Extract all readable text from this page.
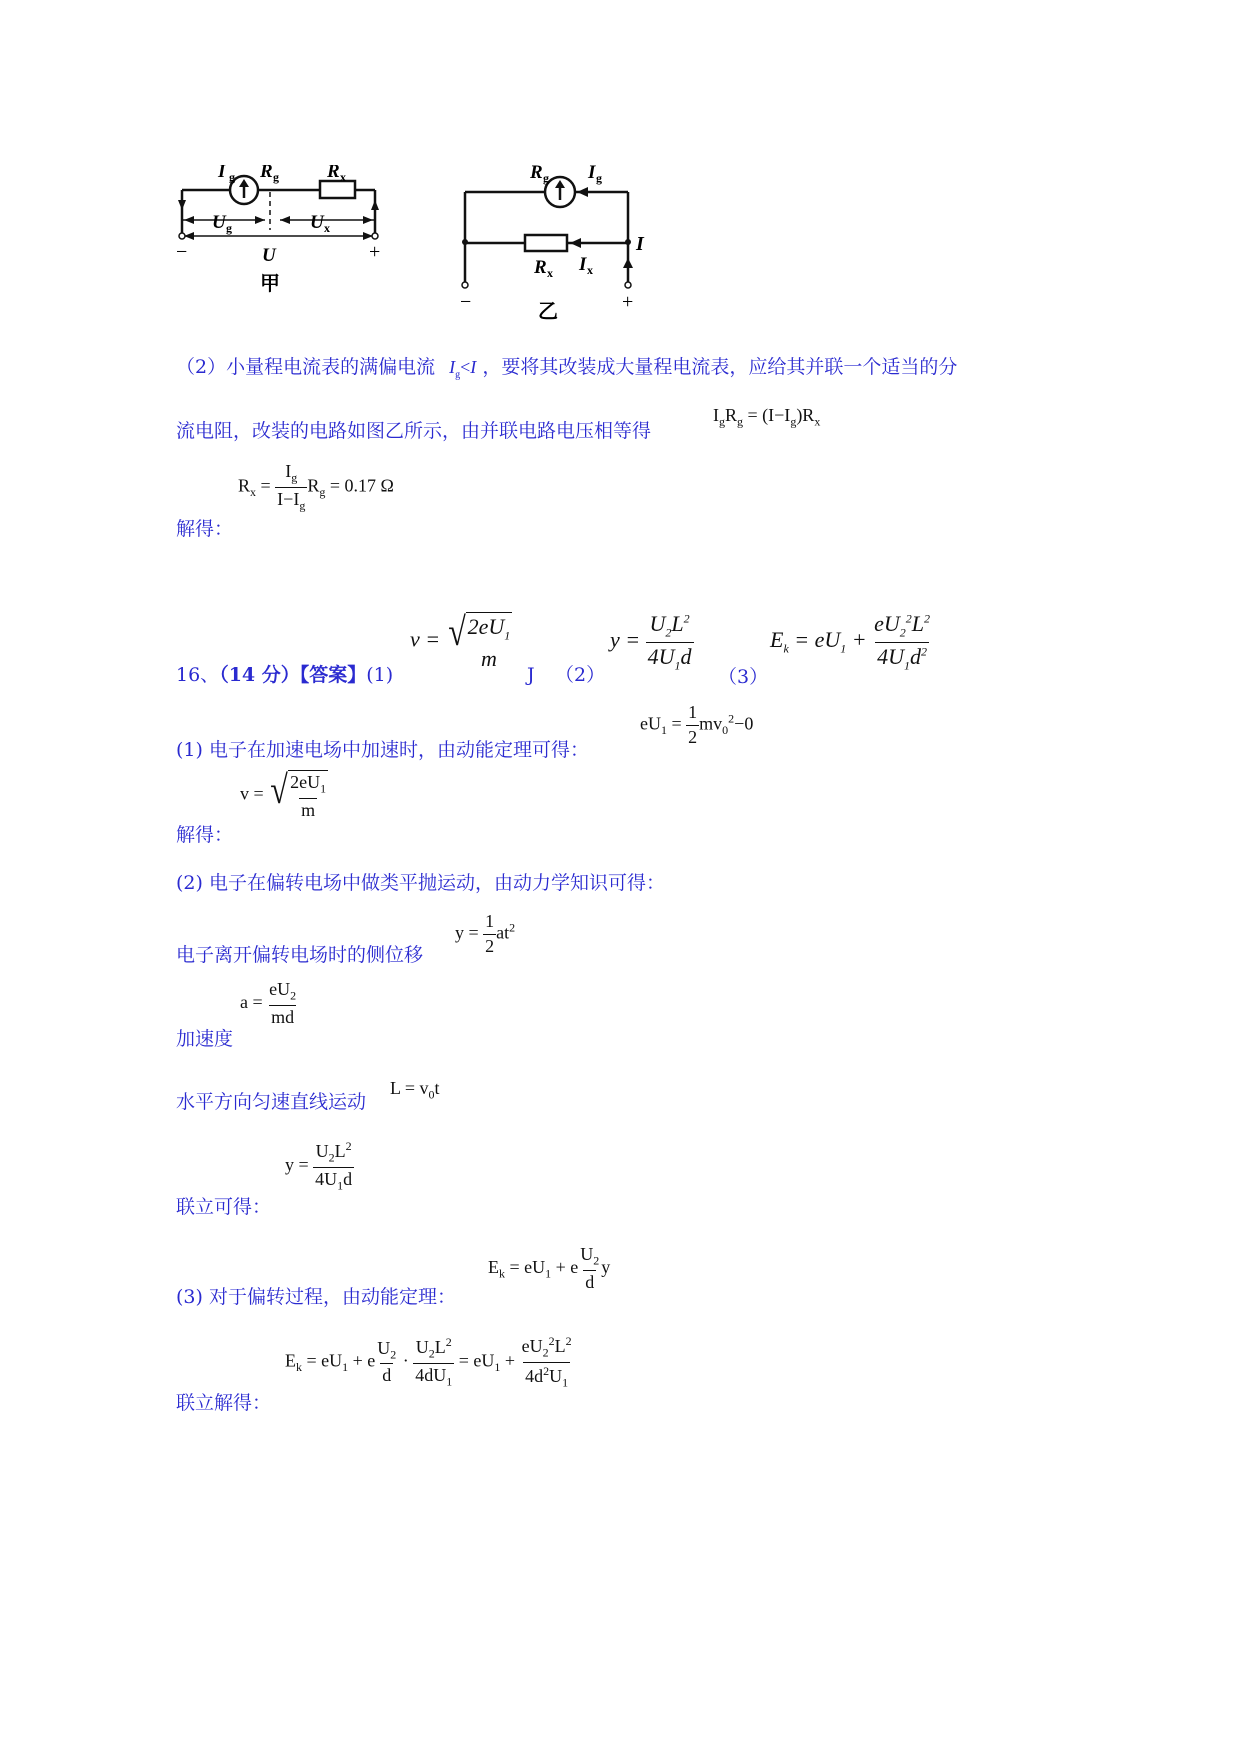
I g R g	R x
U g	U x
U
−	+
甲
R g I g
I
R x I x
−	+
乙
（2）小量程电流表的满偏电流 $I_g<I$ ，要将其改装成大量程电流表，应给其并联一个适当的分
流电阻，改装的电路如图乙所示，由并联电路电压相等得
$I_gR_g = (I-I_g)R_x$
解得：
$R_x = \frac{I_g}{I-I_g} R_g = 0.17$ Ω
16、（14 分）【答案】(1)
v = √ $2eU_1$
m
J （2）
$y = \frac{U_2L^2}{4U_1d}$
（3）
$E_k = eU_1 + \frac{eU_2^2L^2}{4U_1d^2}$
(1) 电子在加速电场中加速时，由动能定理可得：
$eU_1 = \frac{1}{2} mv_0^2-0$
解得：
v = √ $\frac{2eU_1}{m}$
(2) 电子在偏转电场中做类平抛运动，由动力学知识可得：
电子离开偏转电场时的侧位移
$y = \frac{1}{2} at^2$
加速度
$a = \frac{eU_2}{md}$
水平方向匀速直线运动
$L = v_0t$
联立可得：
$y = \frac{U_2L^2}{4U_1d}$
(3) 对于偏转过程，由动能定理：
$E_k = eU_1 + e \frac{U_2}{d}$ y
联立解得：
$E_k = eU_1 + e \frac{U_2}{d} \cdot \frac{U_2L^2}{4dU_1} = eU_1 + \frac{eU_2^2L^2}{4d^2U_1}$
